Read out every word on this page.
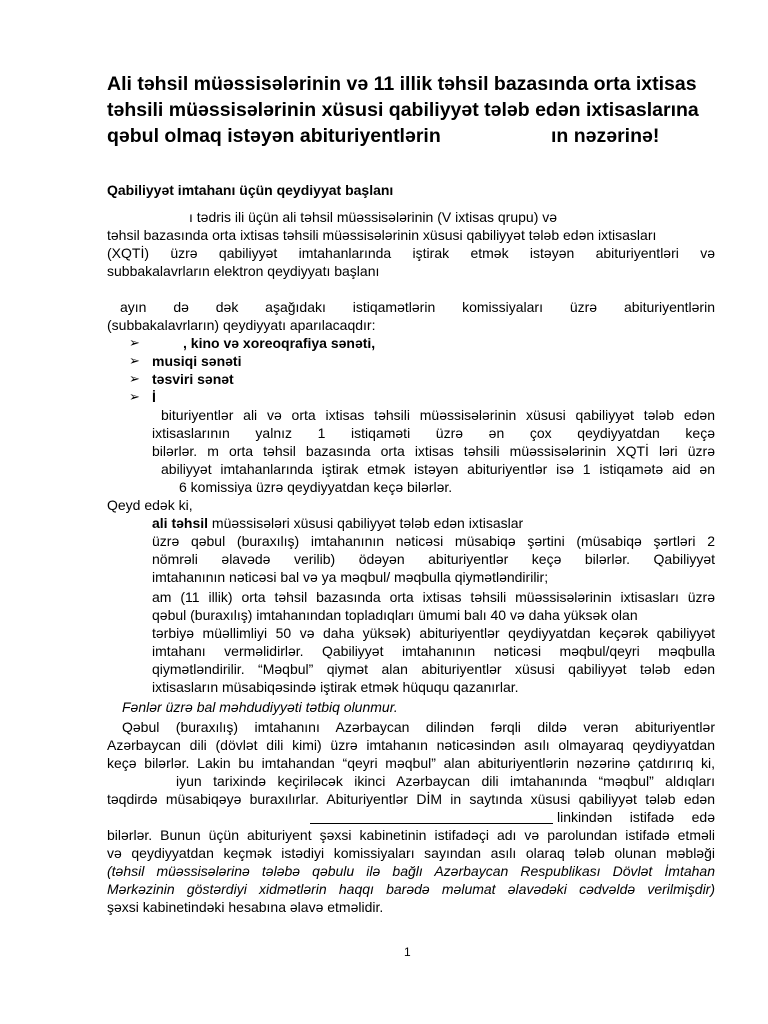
Ali təhsil müəssisələrinin və 11 illik təhsil bazasında orta ixtisas
təhsili müəssisələrinin xüsusi qabiliyyət tələb edən ixtisaslarına
qəbul olmaq istəyən abituriyentlərin	ın nəzərinə!
Qabiliyyət imtahanı üçün qeydiyyat başlanı
ı tədris ili üçün ali təhsil müəssisələrinin (V ixtisas qrupu) və
təhsil bazasında orta ixtisas təhsili müəssisələrinin xüsusi qabiliyyət tələb edən ixtisasları
(XQTİ) üzrə qabiliyyət imtahanlarında iştirak etmək istəyən abituriyentləri və
subbakalavrların elektron qeydiyyatı başlanı
ayın də dək aşağıdakı istiqamətlərin komissiyaları üzrə abituriyentlərin
(subbakalavrların) qeydiyyatı aparılacaqdır:
➢	, kino və xoreoqrafiya sənəti,
➢ musiqi sənəti
➢ təsviri sənət
➢ İ
bituriyentlər ali və orta ixtisas təhsili müəssisələrinin xüsusi qabiliyyət tələb edən
ixtisaslarının yalnız 1 istiqaməti üzrə ən çox qeydiyyatdan keçə
bilərlər. m orta təhsil bazasında orta ixtisas təhsili müəssisələrinin XQTİ ləri üzrə
abiliyyət imtahanlarında iştirak etmək istəyən abituriyentlər isə 1 istiqamətə aid ən
6 komissiya üzrə qeydiyyatdan keçə bilərlər.
Qeyd edək ki,
ali təhsil müəssisələri xüsusi qabiliyyət tələb edən ixtisaslar
üzrə qəbul (buraxılış) imtahanının nəticəsi müsabiqə şərtini (müsabiqə şərtləri 2
nömrəli əlavədə verilib) ödəyən abituriyentlər keçə bilərlər. Qabiliyyət
imtahanının nəticəsi bal və ya məqbul/ məqbulla qiymətləndirilir;
am (11 illik) orta təhsil bazasında orta ixtisas təhsili müəssisələrinin ixtisasları üzrə
qəbul (buraxılış) imtahanından topladıqları ümumi balı 40 və daha yüksək olan
tərbiyə müəllimliyi 50 və daha yüksək) abituriyentlər qeydiyyatdan keçərək qabiliyyət
imtahanı verməlidirlər. Qabiliyyət imtahanının nəticəsi məqbul/qeyri məqbulla
qiymətləndirilir. “Məqbul” qiymət alan abituriyentlər xüsusi qabiliyyət tələb edən
ixtisasların müsabiqəsində iştirak etmək hüququ qazanırlar.
Fənlər üzrə bal məhdudiyyəti tətbiq olunmur.
Qəbul (buraxılış) imtahanını Azərbaycan dilindən fərqli dildə verən abituriyentlər
Azərbaycan dili (dövlət dili kimi) üzrə imtahanın nəticəsindən asılı olmayaraq qeydiyyatdan
keçə bilərlər. Lakin bu imtahandan “qeyri məqbul” alan abituriyentlərin nəzərinə çatdırırıq ki,
iyun tarixində keçiriləcək ikinci Azərbaycan dili imtahanında “məqbul” aldıqları
təqdirdə müsabiqəyə buraxılırlar. Abituriyentlər DİM in saytında xüsusi qabiliyyət tələb edən
linkindən istifadə edə
bilərlər. Bunun üçün abituriyent şəxsi kabinetinin istifadəçi adı və parolundan istifadə etməli
və qeydiyyatdan keçmək istədiyi komissiyaları sayından asılı olaraq tələb olunan məbləği
(təhsil müəssisələrinə tələbə qəbulu ilə bağlı Azərbaycan Respublikası Dövlət İmtahan
Mərkəzinin göstərdiyi xidmətlərin haqqı barədə məlumat əlavədəki cədvəldə verilmişdir)
şəxsi kabinetindəki hesabına əlavə etməlidir.
1
